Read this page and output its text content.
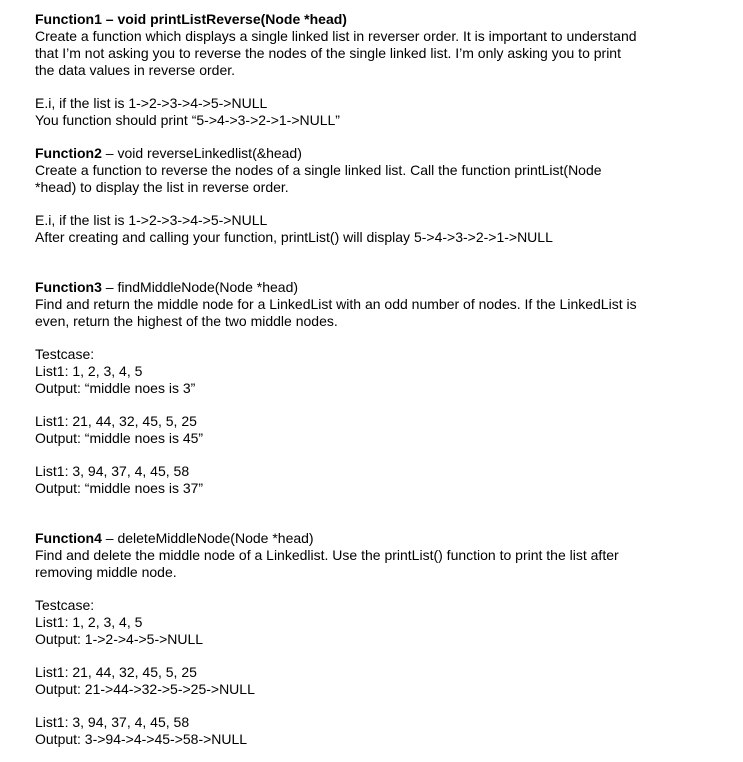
Function1 – void printListReverse(Node *head)
Create a function which displays a single linked list in reverser order. It is important to understand
that I’m not asking you to reverse the nodes of the single linked list. I’m only asking you to print
the data values in reverse order.
E.i, if the list is 1->2->3->4->5->NULL
You function should print “5->4->3->2->1->NULL”
Function2 – void reverseLinkedlist(&head)
Create a function to reverse the nodes of a single linked list. Call the function printList(Node
*head) to display the list in reverse order.
E.i, if the list is 1->2->3->4->5->NULL
After creating and calling your function, printList() will display 5->4->3->2->1->NULL
Function3 – findMiddleNode(Node *head)
Find and return the middle node for a LinkedList with an odd number of nodes. If the LinkedList is
even, return the highest of the two middle nodes.
Testcase:
List1: 1, 2, 3, 4, 5
Output: “middle noes is 3”
List1: 21, 44, 32, 45, 5, 25
Output: “middle noes is 45”
List1: 3, 94, 37, 4, 45, 58
Output: “middle noes is 37”
Function4 – deleteMiddleNode(Node *head)
Find and delete the middle node of a Linkedlist. Use the printList() function to print the list after
removing middle node.
Testcase:
List1: 1, 2, 3, 4, 5
Output: 1->2->4->5->NULL
List1: 21, 44, 32, 45, 5, 25
Output: 21->44->32->5->25->NULL
List1: 3, 94, 37, 4, 45, 58
Output: 3->94->4->45->58->NULL
